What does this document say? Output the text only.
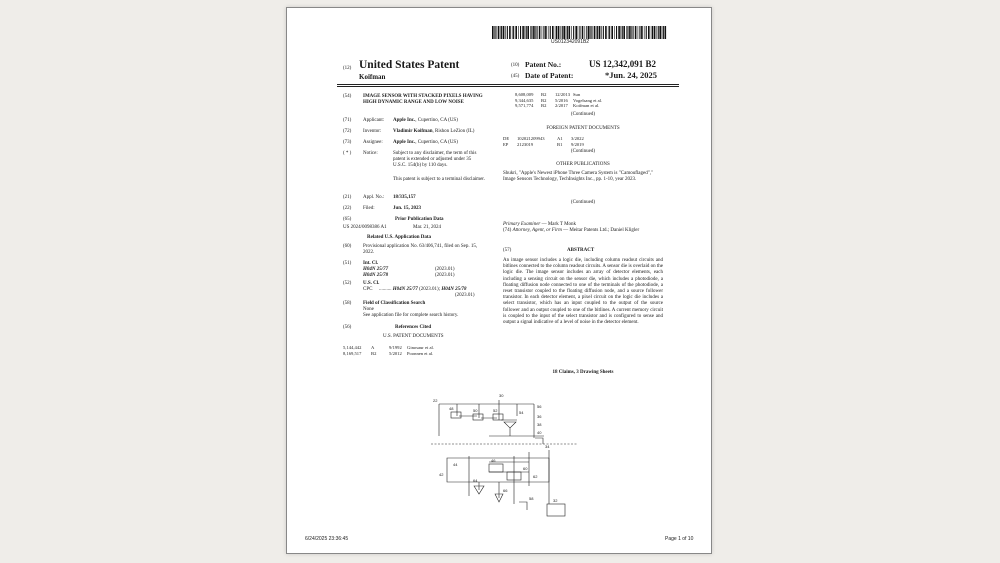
US012342091B2
(12) United States Patent
Koifman
(10) Patent No.:	US 12,342,091 B2
(45) Date of Patent:	*Jun. 24, 2025
(54) IMAGE SENSOR WITH STACKED PIXELS HAVING HIGH DYNAMIC RANGE AND LOW NOISE
(71) Applicant: Apple Inc., Cupertino, CA (US)
(72) Inventor: Vladimir Koifman, Rishon LeZion (IL)
(73) Assignee: Apple Inc., Cupertino, CA (US)
( * ) Notice:	Subject to any disclaimer, the term of this patent is extended or adjusted under 35 U.S.C. 154(b) by 110 days.
This patent is subject to a terminal disclaimer.
(21) Appl. No.: 18/335,157
(22) Filed:	Jun. 15, 2023
(65)	Prior Publication Data
US 2024/0098386 A1	Mar. 21, 2024
Related U.S. Application Data
(60) Provisional application No. 63/406,741, filed on Sep. 15, 2022.
(51) Int. Cl.
H04N 25/77	(2023.01)
H04N 25/78	(2023.01)
(52) U.S. Cl.
CPC .......... H04N 25/77 (2023.01); H04N 25/78
(2023.01)
(58) Field of Classification Search
None
See application file for complete search history.
(56)	References Cited
U.S. PATENT DOCUMENTS
5,144,442 A	9/1992 Ginosaur et al.
8,169,517 B2	5/2012 Poonnen et al.
8,608,009 B2 12/2013 Sun
9,344,635 B2 5/2016 Vogelsang et al.
9,571,774 B2 2/2017 Koifman et al.
(Continued)
FOREIGN PATENT DOCUMENTS
DE 102021209943	A1 3/2022
EP 2123019	B1 9/2019
(Continued)
OTHER PUBLICATIONS
Shukri, "Apple's Newest iPhone Three Camera System is "Camouflaged"," Image Sensors Technology, TechInsights Inc., pp. 1-10, year 2023.
(Continued)
Primary Examiner — Mark T Monk
(74) Attorney, Agent, or Firm — Meitar Patents Ltd.; Daniel Kligler
(57)	ABSTRACT
An image sensor includes a logic die, including column readout circuits and bitlines connected to the column readout circuits. A sensor die is overlaid on the logic die. The image sensor includes an array of detector elements, each including a sensing circuit on the sensor die, which includes a photodiode, a floating diffusion node connected to one of the terminals of the photodiode, a reset transistor coupled to the floating diffusion node, and a source follower transistor. In each detector element, a pixel circuit on the logic die includes a select transistor, which has an input coupled to the output of the source follower and an output coupled to one of the bitlines. A current memory circuit is coupled to the input of the select transistor and is configured to sense and output a signal indicative of a level of noise in the detector element.
18 Claims, 3 Drawing Sheets
22
30
56
48	50	52	54
36
38
40
34
44
46
60
62
64
66
58	32
42
6/24/2025 23:36:45	Page 1 of 10
